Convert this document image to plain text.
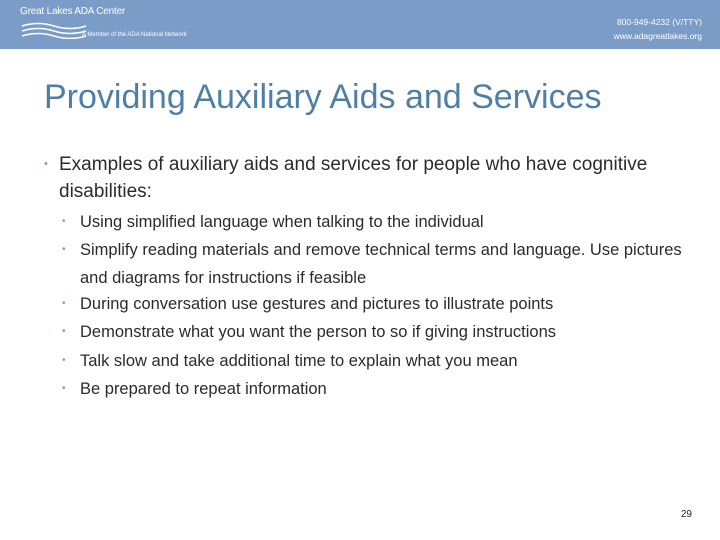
Great Lakes ADA Center
A Member of the ADA National Network
800-949-4232 (V/TTY)
www.adagreatlakes.org
Providing Auxiliary Aids and Services
• Examples of auxiliary aids and services for people who have cognitive disabilities:
• Using simplified language when talking to the individual
• Simplify reading materials and remove technical terms and language. Use pictures and diagrams for instructions if feasible
• During conversation use gestures and pictures to illustrate points
• Demonstrate what you want the person to so if giving instructions
• Talk slow and take additional time to explain what you mean
• Be prepared to repeat information
29
